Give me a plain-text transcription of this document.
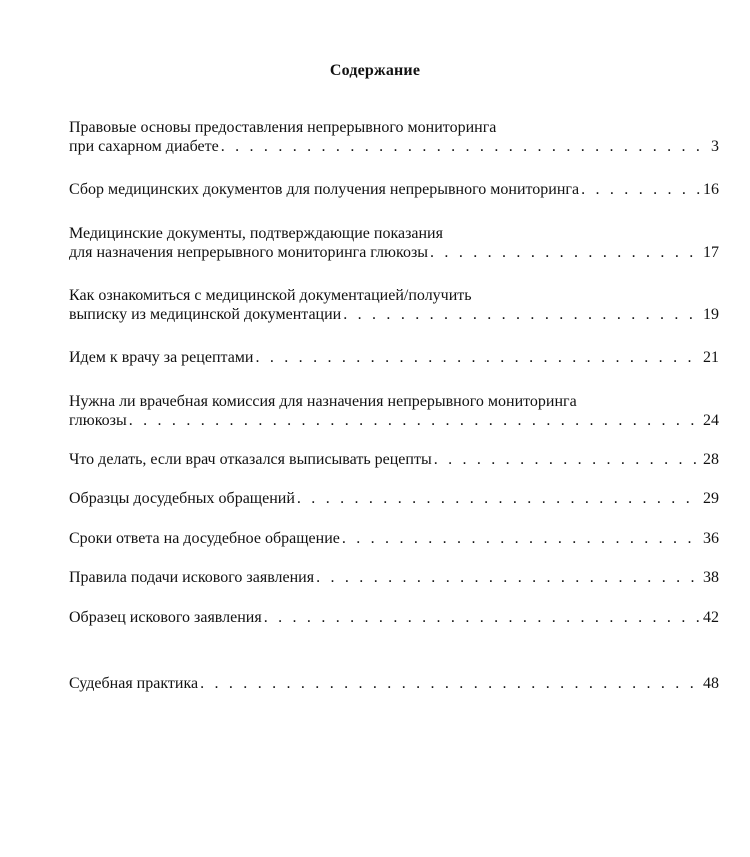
Содержание
Правовые основы предоставления непрерывного мониторинга
при сахарном диабете . . .	3
Сбор медицинских документов для получения непрерывного мониторинга . . .	16
Медицинские документы, подтверждающие показания
для назначения непрерывного мониторинга глюкозы . . .	17
Как ознакомиться с медицинской документацией/получить
выписку из медицинской документации . . .	19
Идем к врачу за рецептами . . .	21
Нужна ли врачебная комиссия для назначения непрерывного мониторинга
глюкозы . . .	24
Что делать, если врач отказался выписывать рецепты . . .	28
Образцы досудебных обращений . . .	29
Сроки ответа на досудебное обращение . . .	36
Правила подачи искового заявления . . .	38
Образец искового заявления . . .	42
Судебная практика . . .	48
